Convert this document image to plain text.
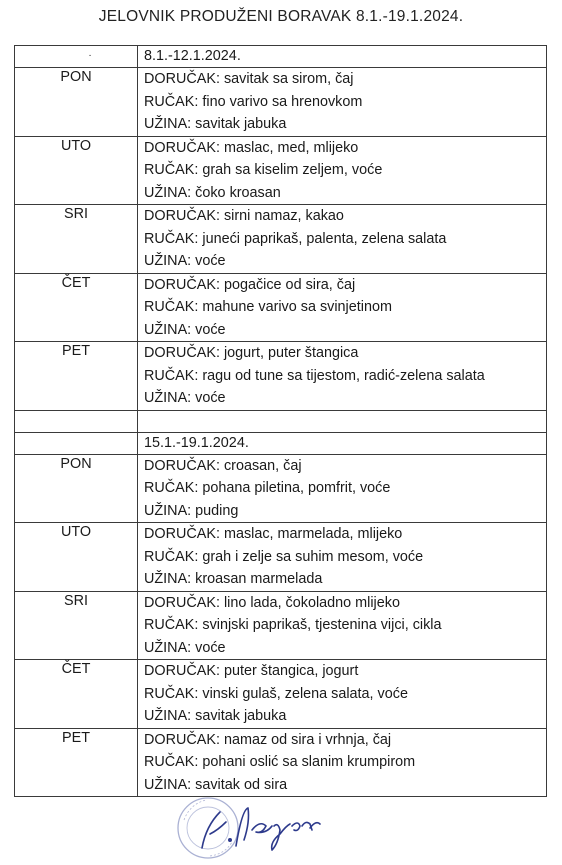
JELOVNIK PRODUŽENI BORAVAK 8.1.-19.1.2024.
·	8.1.-12.1.2024.

PON	DORUČAK: savitak sa sirom, čaj
RUČAK: fino varivo sa hrenovkom
UŽINA: savitak jabuka

UTO	DORUČAK: maslac, med, mlijeko
RUČAK: grah sa kiselim zeljem, voće
UŽINA: čoko kroasan

SRI	DORUČAK: sirni namaz, kakao
RUČAK: juneći paprikaš, palenta, zelena salata
UŽINA: voće

ČET	DORUČAK: pogačice od sira, čaj
RUČAK: mahune varivo sa svinjetinom
UŽINA: voće

PET	DORUČAK: jogurt, puter štangica
RUČAK: ragu od tune sa tijestom, radić-zelena salata
UŽINA: voće

	15.1.-19.1.2024.

PON	DORUČAK: croasan, čaj
RUČAK: pohana piletina, pomfrit, voće
UŽINA: puding

UTO	DORUČAK: maslac, marmelada, mlijeko
RUČAK: grah i zelje sa suhim mesom, voće
UŽINA: kroasan marmelada

SRI	DORUČAK: lino lada, čokoladno mlijeko
RUČAK: svinjski paprikaš, tjestenina vijci, cikla
UŽINA: voće

ČET	DORUČAK: puter štangica, jogurt
RUČAK: vinski gulaš, zelena salata, voće
UŽINA: savitak jabuka

PET	DORUČAK: namaz od sira i vrhnja, čaj
RUČAK: pohani oslić sa slanim krumpirom
UŽINA: savitak od sira
